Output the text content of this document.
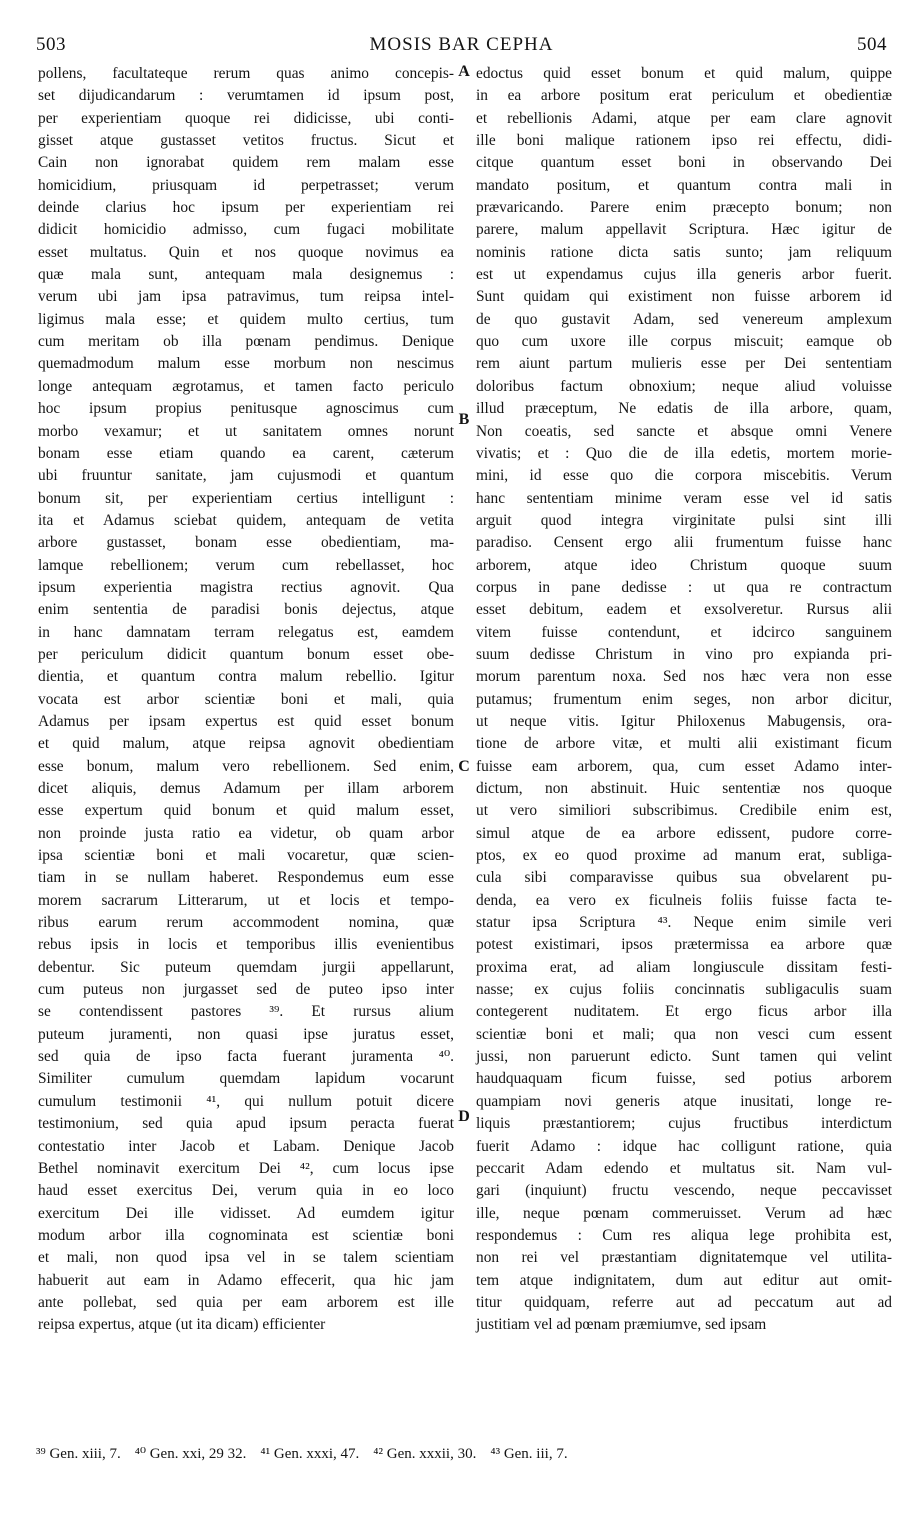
503	MOSIS BAR CEPHA	504
pollens, facultateque rerum quas animo concepis-
set dijudicandarum : verumtamen id ipsum post,
per experientiam quoque rei didicisse, ubi conti-
gisset atque gustasset vetitos fructus. Sicut et
Cain non ignorabat quidem rem malam esse
homicidium, priusquam id perpetrasset; verum
deinde clarius hoc ipsum per experientiam rei
didicit homicidio admisso, cum fugaci mobilitate
esset multatus. Quin et nos quoque novimus ea
quæ mala sunt, antequam mala designemus :
verum ubi jam ipsa patravimus, tum reipsa intel-
ligimus mala esse; et quidem multo certius, tum
cum meritam ob illa pœnam pendimus. Denique
quemadmodum malum esse morbum non nescimus
longe antequam ægrotamus, et tamen facto periculo
hoc ipsum propius penitusque agnoscimus cum
morbo vexamur; et ut sanitatem omnes norunt
bonam esse etiam quando ea carent, cæterum
ubi fruuntur sanitate, jam cujusmodi et quantum
bonum sit, per experientiam certius intelligunt :
ita et Adamus sciebat quidem, antequam de vetita
arbore gustasset, bonam esse obedientiam, ma-
lamque rebellionem; verum cum rebellasset, hoc
ipsum experientia magistra rectius agnovit. Qua
enim sententia de paradisi bonis dejectus, atque
in hanc damnatam terram relegatus est, eamdem
per periculum didicit quantum bonum esset obe-
dientia, et quantum contra malum rebellio. Igitur
vocata est arbor scientiæ boni et mali, quia
Adamus per ipsam expertus est quid esset bonum
et quid malum, atque reipsa agnovit obedientiam
esse bonum, malum vero rebellionem. Sed enim,
dicet aliquis, demus Adamum per illam arborem
esse expertum quid bonum et quid malum esset,
non proinde justa ratio ea videtur, ob quam arbor
ipsa scientiæ boni et mali vocaretur, quæ scien-
tiam in se nullam haberet. Respondemus eum esse
morem sacrarum Litterarum, ut et locis et tempo-
ribus earum rerum accommodent nomina, quæ
rebus ipsis in locis et temporibus illis evenientibus
debentur. Sic puteum quemdam jurgii appellarunt,
cum puteus non jurgasset sed de puteo ipso inter
se contendissent pastores ³⁹. Et rursus alium
puteum juramenti, non quasi ipse juratus esset,
sed quia de ipso facta fuerant juramenta ⁴⁰.
Similiter cumulum quemdam lapidum vocarunt
cumulum testimonii ⁴¹, qui nullum potuit dicere
testimonium, sed quia apud ipsum peracta fuerat
contestatio inter Jacob et Labam. Denique Jacob
Bethel nominavit exercitum Dei ⁴², cum locus ipse
haud esset exercitus Dei, verum quia in eo loco
exercitum Dei ille vidisset. Ad eumdem igitur
modum arbor illa cognominata est scientiæ boni
et mali, non quod ipsa vel in se talem scientiam
habuerit aut eam in Adamo effecerit, qua hic jam
ante pollebat, sed quia per eam arborem est ille
reipsa expertus, atque (ut ita dicam) efficienter
edoctus quid esset bonum et quid malum, quippe
in ea arbore positum erat periculum et obedientiæ
et rebellionis Adami, atque per eam clare agnovit
ille boni malique rationem ipso rei effectu, didi-
citque quantum esset boni in observando Dei
mandato positum, et quantum contra mali in
prævaricando. Parere enim præcepto bonum; non
parere, malum appellavit Scriptura. Hæc igitur de
nominis ratione dicta satis sunto; jam reliquum
est ut expendamus cujus illa generis arbor fuerit.
Sunt quidam qui existiment non fuisse arborem id
de quo gustavit Adam, sed venereum amplexum
quo cum uxore ille corpus miscuit; eamque ob
rem aiunt partum mulieris esse per Dei sententiam
doloribus factum obnoxium; neque aliud voluisse
illud præceptum, Ne edatis de illa arbore, quam,
Non coeatis, sed sancte et absque omni Venere
vivatis; et : Quo die de illa edetis, mortem morie-
mini, id esse quo die corpora miscebitis. Verum
hanc sententiam minime veram esse vel id satis
arguit quod integra virginitate pulsi sint illi
paradiso. Censent ergo alii frumentum fuisse hanc
arborem, atque ideo Christum quoque suum
corpus in pane dedisse : ut qua re contractum
esset debitum, eadem et exsolveretur. Rursus alii
vitem fuisse contendunt, et idcirco sanguinem
suum dedisse Christum in vino pro expianda pri-
morum parentum noxa. Sed nos hæc vera non esse
putamus; frumentum enim seges, non arbor dicitur,
ut neque vitis. Igitur Philoxenus Mabugensis, ora-
tione de arbore vitæ, et multi alii existimant ficum
fuisse eam arborem, qua, cum esset Adamo inter-
dictum, non abstinuit. Huic sententiæ nos quoque
ut vero similiori subscribimus. Credibile enim est,
simul atque de ea arbore edissent, pudore corre-
ptos, ex eo quod proxime ad manum erat, subliga-
cula sibi comparavisse quibus sua obvelarent pu-
denda, ea vero ex ficulneis foliis fuisse facta te-
statur ipsa Scriptura ⁴³. Neque enim simile veri
potest existimari, ipsos prætermissa ea arbore quæ
proxima erat, ad aliam longiuscule dissitam festi-
nasse; ex cujus foliis concinnatis subligaculis suam
contegerent nuditatem. Et ergo ficus arbor illa
scientiæ boni et mali; qua non vesci cum essent
jussi, non paruerunt edicto. Sunt tamen qui velint
haudquaquam ficum fuisse, sed potius arborem
quampiam novi generis atque inusitati, longe re-
liquis præstantiorem; cujus fructibus interdictum
fuerit Adamo : idque hac colligunt ratione, quia
peccarit Adam edendo et multatus sit. Nam vul-
gari (inquiunt) fructu vescendo, neque peccavisset
ille, neque pœnam commeruisset. Verum ad hæc
respondemus : Cum res aliqua lege prohibita est,
non rei vel præstantiam dignitatemque vel utilita-
tem atque indignitatem, dum aut editur aut omit-
titur quidquam, referre aut ad peccatum aut ad
justitiam vel ad pœnam præmiumve, sed ipsam
A
B
C
D
³⁹ Gen. xiii, 7. ⁴⁰ Gen. xxi, 29 32. ⁴¹ Gen. xxxi, 47. ⁴² Gen. xxxii, 30. ⁴³ Gen. iii, 7.
